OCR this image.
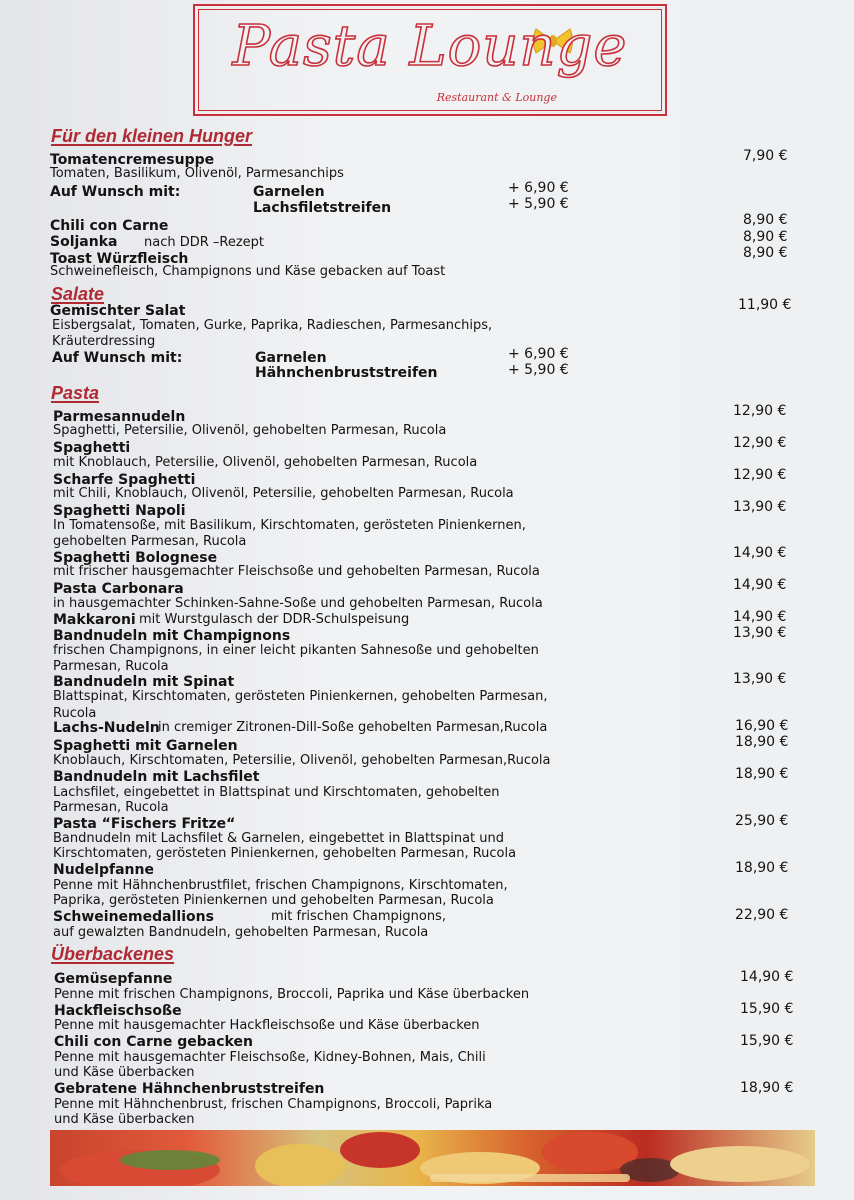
Pasta Lounge
Restaurant & Lounge
Für den kleinen Hunger
Tomatencremesuppe	7,90 €
Tomaten, Basilikum, Olivenöl, Parmesanchips
Auf Wunsch mit:	Garnelen	+ 6,90 €
Lachsfiletstreifen	+ 5,90 €
Chili con Carne	8,90 €
Soljanka nach DDR –Rezept	8,90 €
Toast Würzfleisch	8,90 €
Schweinefleisch, Champignons und Käse gebacken auf Toast
Salate
Gemischter Salat	11,90 €
Eisbergsalat, Tomaten, Gurke, Paprika, Radieschen, Parmesanchips,
Kräuterdressing
Auf Wunsch mit:	Garnelen	+ 6,90 €
Hähnchenbruststreifen	+ 5,90 €
Pasta
Parmesannudeln	12,90 €
Spaghetti, Petersilie, Olivenöl, gehobelten Parmesan, Rucola
Spaghetti	12,90 €
mit Knoblauch, Petersilie, Olivenöl, gehobelten Parmesan, Rucola
Scharfe Spaghetti	12,90 €
mit Chili, Knoblauch, Olivenöl, Petersilie, gehobelten Parmesan, Rucola
Spaghetti Napoli	13,90 €
In Tomatensoße, mit Basilikum, Kirschtomaten, gerösteten Pinienkernen,
gehobelten Parmesan, Rucola
Spaghetti Bolognese	14,90 €
mit frischer hausgemachter Fleischsoße und gehobelten Parmesan, Rucola
Pasta Carbonara	14,90 €
in hausgemachter Schinken-Sahne-Soße und gehobelten Parmesan, Rucola
Makkaroni mit Wurstgulasch der DDR-Schulspeisung	14,90 €
Bandnudeln mit Champignons	13,90 €
frischen Champignons, in einer leicht pikanten Sahnesoße und gehobelten
Parmesan, Rucola
Bandnudeln mit Spinat	13,90 €
Blattspinat, Kirschtomaten, gerösteten Pinienkernen, gehobelten Parmesan,
Rucola
Lachs-Nudeln
in cremiger Zitronen-Dill-Soße gehobelten Parmesan,Rucola	16,90 €
Spaghetti mit Garnelen	18,90 €
Knoblauch, Kirschtomaten, Petersilie, Olivenöl, gehobelten Parmesan,Rucola
Bandnudeln mit Lachsfilet	18,90 €
Lachsfilet, eingebettet in Blattspinat und Kirschtomaten, gehobelten
Parmesan, Rucola
Pasta “Fischers Fritze“	25,90 €
Bandnudeln mit Lachsfilet & Garnelen, eingebettet in Blattspinat und
Kirschtomaten, gerösteten Pinienkernen, gehobelten Parmesan, Rucola
Nudelpfanne	18,90 €
Penne mit Hähnchenbrustfilet, frischen Champignons, Kirschtomaten,
Paprika, gerösteten Pinienkernen und gehobelten Parmesan, Rucola
Schweinemedallions	mit frischen Champignons,	22,90 €
auf gewalzten Bandnudeln, gehobelten Parmesan, Rucola
Überbackenes
Gemüsepfanne	14,90 €
Penne mit frischen Champignons, Broccoli, Paprika und Käse überbacken
Hackfleischsoße	15,90 €
Penne mit hausgemachter Hackfleischsoße und Käse überbacken
Chili con Carne gebacken	15,90 €
Penne mit hausgemachter Fleischsoße, Kidney-Bohnen, Mais, Chili
und Käse überbacken
Gebratene Hähnchenbruststreifen	18,90 €
Penne mit Hähnchenbrust, frischen Champignons, Broccoli, Paprika
und Käse überbacken
